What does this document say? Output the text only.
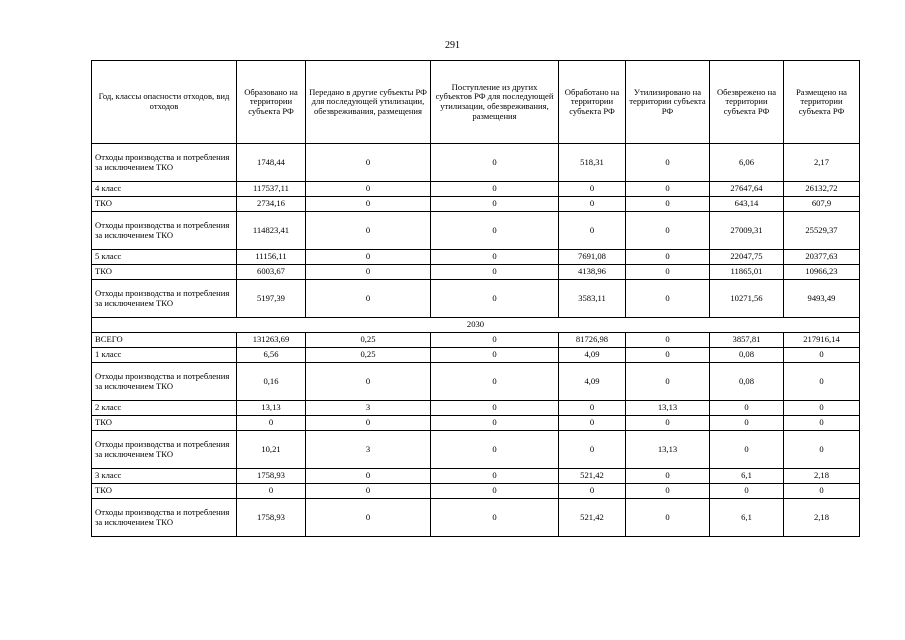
291
Год, классы опасности отходов, вид отходов	Образовано на территории субъекта РФ	Передано в другие субъекты РФ для последующей утилизации, обезвреживания, размещения	Поступление из других субъектов РФ для последующей утилизации, обезвреживания, размещения	Обработано на территории субъекта РФ	Утилизировано на территории субъекта РФ	Обезврежено на территории субъекта РФ	Размещено на территории субъекта РФ
Отходы производства и потребления за исключением ТКО	1748,44	0	0	518,31	0	6,06	2,17
4 класс	117537,11	0	0	0	0	27647,64	26132,72
ТКО	2734,16	0	0	0	0	643,14	607,9
Отходы производства и потребления за исключением ТКО	114823,41	0	0	0	0	27009,31	25529,37
5 класс	11156,11	0	0	7691,08	0	22047,75	20377,63
ТКО	6003,67	0	0	4138,96	0	11865,01	10966,23
Отходы производства и потребления за исключением ТКО	5197,39	0	0	3583,11	0	10271,56	9493,49
2030							
ВСЕГО	131263,69	0,25	0	81726,98	0	3857,81	217916,14
1 класс	6,56	0,25	0	4,09	0	0,08	0
Отходы производства и потребления за исключением ТКО	0,16	0	0	4,09	0	0,08	0
2 класс	13,13	3	0	0	13,13	0	0
ТКО	0	0	0	0	0	0	0
Отходы производства и потребления за исключением ТКО	10,21	3	0	0	13,13	0	0
3 класс	1758,93	0	0	521,42	0	6,1	2,18
ТКО	0	0	0	0	0	0	0
Отходы производства и потребления за исключением ТКО	1758,93	0	0	521,42	0	6,1	2,18
